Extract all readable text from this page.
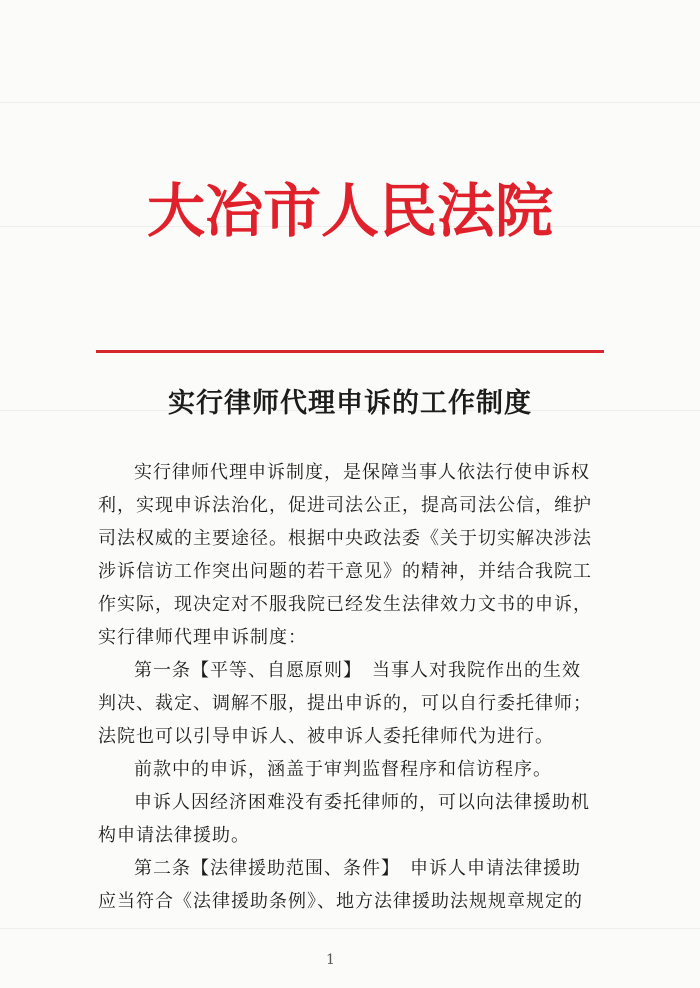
大冶市人民法院
实行律师代理申诉的工作制度
实行律师代理申诉制度，是保障当事人依法行使申诉权
利，实现申诉法治化，促进司法公正，提高司法公信，维护
司法权威的主要途径。根据中央政法委《关于切实解决涉法
涉诉信访工作突出问题的若干意见》的精神，并结合我院工
作实际，现决定对不服我院已经发生法律效力文书的申诉，
实行律师代理申诉制度：
第一条【平等、自愿原则】　当事人对我院作出的生效
判决、裁定、调解不服，提出申诉的，可以自行委托律师；
法院也可以引导申诉人、被申诉人委托律师代为进行。
前款中的申诉，涵盖于审判监督程序和信访程序。
申诉人因经济困难没有委托律师的，可以向法律援助机
构申请法律援助。
第二条【法律援助范围、条件】　申诉人申请法律援助
应当符合《法律援助条例》、地方法律援助法规规章规定的
1
